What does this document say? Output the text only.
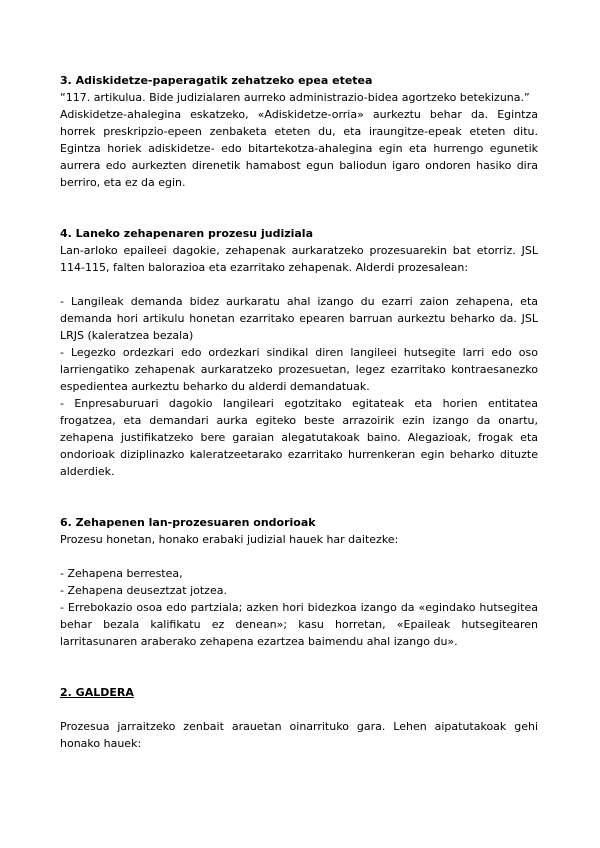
3. Adiskidetze-paperagatik zehatzeko epea etetea

“117. artikulua. Bide judizialaren aurreko administrazio-bidea agortzeko betekizuna.”

Adiskidetze-ahalegina eskatzeko, «Adiskidetze-orria» aurkeztu behar da. Egintza horrek preskripzio-epeen zenbaketa eteten du, eta iraungitze-epeak eteten ditu. Egintza horiek adiskidetze- edo bitartekotza-ahalegina egin eta hurrengo egunetik aurrera edo aurkezten direnetik hamabost egun baliodun igaro ondoren hasiko dira berriro, eta ez da egin.

4. Laneko zehapenaren prozesu judiziala

Lan-arloko epaileei dagokie, zehapenak aurkaratzeko prozesuarekin bat etorriz. JSL 114-115, falten balorazioa eta ezarritako zehapenak. Alderdi prozesalean:

- Langileak demanda bidez aurkaratu ahal izango du ezarri zaion zehapena, eta demanda hori artikulu honetan ezarritako epearen barruan aurkeztu beharko da. JSL LRJS (kaleratzea bezala)

- Legezko ordezkari edo ordezkari sindikal diren langileei hutsegite larri edo oso larriengatiko zehapenak aurkaratzeko prozesuetan, legez ezarritako kontraesanezko espedientea aurkeztu beharko du alderdi demandatuak.

- Enpresaburuari dagokio langileari egotzitako egitateak eta horien entitatea frogatzea, eta demandari aurka egiteko beste arrazoirik ezin izango da onartu, zehapena justifikatzeko bere garaian alegatutakoak baino. Alegazioak, frogak eta ondorioak diziplinazko kaleratzeetarako ezarritako hurrenkeran egin beharko dituzte alderdiek.

6. Zehapenen lan-prozesuaren ondorioak

Prozesu honetan, honako erabaki judizial hauek har daitezke:

- Zehapena berrestea,

- Zehapena deuseztzat jotzea.

- Errebokazio osoa edo partziala; azken hori bidezkoa izango da «egindako hutsegitea behar bezala kalifikatu ez denean»; kasu horretan, «Epaileak hutsegitearen larritasunaren araberako zehapena ezartzea baimendu ahal izango du».

2. GALDERA

Prozesua jarraitzeko zenbait arauetan oinarrituko gara. Lehen aipatutakoak gehi honako hauek:
